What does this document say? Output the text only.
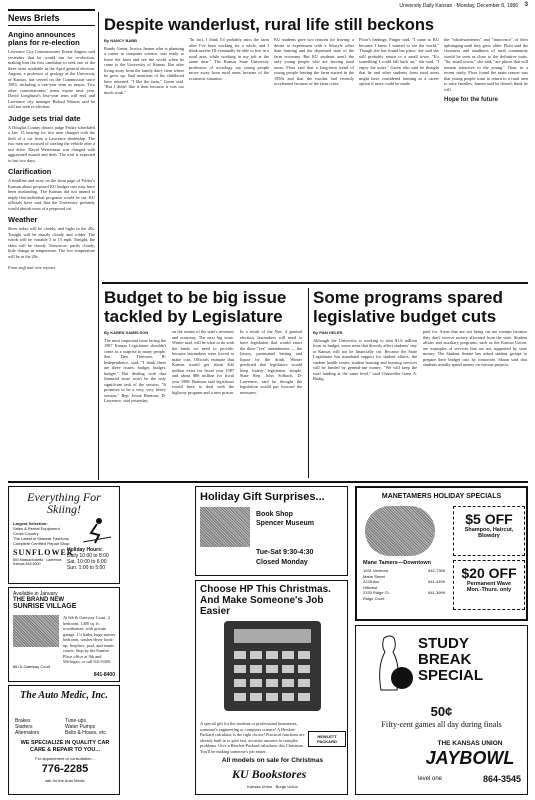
University Daily Kansan · Monday, December 8, 1986 3
News Briefs
Angino announces plans for re-election
Lawrence City Commissioner Ernest Angino said yesterday that he would run for re-election, making him the first candidate to seek one of the three seats available in the April general election. Angino, a professor of geology at the University of Kansas, has served on the Commission since 1983, including a one-year term as mayor. Two other commissioners' terms expire next year. David Longhurst's four-year term will end, and Lawrence city manager Buford Watson said he will not seek re-election.
Judge sets trial date
A Douglas County district judge Friday scheduled a Jan. 13 hearing for two men charged with the theft of a car from a Lawrence dealership. The two men are accused of stealing the vehicle after a test drive. David Westerman was charged with aggravated assault and theft. The trial is expected to last two days.
Clarification
A headline and story on the front page of Friday's Kansan about proposed KU budget cuts may have been misleading. The Kansan did not intend to imply that individual programs would be cut. KU officials have said that the University probably would absorb most of a proposed cut.
Weather
Skies today will be cloudy, and highs in the 40s. Tonight will be mostly cloudy and colder. The winds will be variable 5 to 15 mph. Tonight, the skies will be cloudy. Tomorrow: partly cloudy, little change in temperature. The low temperature will be in the 20s.
From staff and wire reports
Despite wanderlust, rural life still beckons
By NANCY BABB
Randy Green, Jessica Jansen who is planning a career in computer science, was ready to leave the farm and see the world when he came to the University of Kansas. But after living away from the family dairy farm where he grew up, Saal mentions of his childhood have returned. "I like the farm," Green said. "But I didn't like it then because it was too much work."
"In fact, I think I'd probably miss the farm after I've been working for a while, and I think maybe I'll eventually be able to live in a rural area, while working in my job at the same time." The Kansas State University professors of sociology say young people move away from rural areas because of the economic situation.
KU students gave two reasons for leaving: a desire to experiment with a lifestyle other than farming and the depressed state of the farm economy. But KU students aren't the only young people who are leaving rural areas. Flora said that a long-term trend of young people leaving the farm started in the 1950s and that the exodus had recently accelerated because of the farm crisis.
Flora's findings: Finger said, "I came to KU because I knew I wanted to see the world." Though she has found her place, she said she will probably return to a small town. "It's something I could fall back on," she said. "I enjoy the quiet." Green also said he thought that he and other students from rural areas might have considered farming as a career option if more could be made.
the "wholesomeness" and "innocence" of their upbringing until they grew older. Flora said the closeness and smallness of rural community would be seen as close to the definitive traits. "So, small towns," she said, "are places that will remain attractive to the young." Then, in a recent study, Flora found the main reason was that young people want to return to a rural area to raise families. Jansen said he doesn't think he will.
Hope for the future
Budget to be big issue tackled by Legislature
By KAREN SAMELSON
The most important issue facing the 1987 Kansas Legislature shouldn't come as a surprise to many people. Sen. Dan Thiessen, R-Independence, said, "I think there are three issues: budget, budget, budget." But dealing with that financial issue won't be the only significant task of the session. "It promises to be a very, very heavy session," Rep. Jessie Branson, D-Lawrence, said yesterday.
on the strains of the state's revenues and economy. The next big issue, Winter said, will be what to do with the funds we need to provide, because lawmakers were forced to make cuts. Officials estimate that Kansas would get about $42 million extra for fiscal year 1987 and about $86 million for fiscal year 1988. Branson said legislators would have to deal with the highway program and a new prison.
In a result of the Nov. 4 general election, lawmakers will need to have legislation that would enact the three "yes" amendments — the lottery, parimutuel betting and liquor by the drink. Winter predicted that legislators would keep lottery legislation simple. State Rep. John Solbach, D-Lawrence, said he thought the legislation would put forward the measures.
Some programs spared legislative budget cuts
By PAM HELER
Although the University is working to trim $1.6 million from its budget, some areas that directly affect students' stay at Kansas will not be financially cut. Because the State Legislature has mandated support for student affairs, the student health center, student housing and housing services will be funded by general-use money. "We will keep the total funding at the same level," said Chancellor Gene A. Budig.
paid for. Areas that are not being cut are exempt because they don't receive money allocated from the state. Student affairs and auxiliary programs, such as the Kansas Union, are examples of services that are not supported by state money. The Student Senate has asked student groups to prepare their budget cuts by tomorrow. Shaun said that students usually spend money on various projects.
Everything For Skiing!
Largest Selection:
Sales & Rental Equipment
Cross Country
The Latest in Skiwear Fashions
Complete Certified Repair Shop
SUNFLOWER
804 Massachusetts · Lawrence, Kansas 843-5000
Holiday Hours:
Daily 10:00 to 8:00
Sat. 10:00 to 6:00
Sun. 1:00 to 5:00
Available in January
THE BRAND NEW
SUNRISE VILLAGE
At 6th & Gateway Court, 2 bedroom, 1400 sq. ft. townhouses, with private garage, 1½ baths, huge master bedroom, washer/dryer hook-up, fireplace, pool, and tennis courts. Stop by the Sunrise Place office at 9th and Michigan, or call 841-8400.
6th & Gateway Court
841-8400
The Auto Medic, Inc.
Brakes
Starters
Alternators
Tune-ups
Water Pumps
Belts & Hoses, etc.
WE SPECIALIZE IN QUALITY CAR CARE & REPAIR TO YOU...
For appointment or consultation...
776-2285
ask for the Auto Medic
Holiday Gift Surprises...
Book Shop
Spencer Museum
Tue-Sat 9:30-4:30
Closed Monday
Choose HP This Christmas. And Make Someone's Job Easier
A special gift for the students or professional businesses, someone's engineering or computer science! A Hewlett-Packard calculator is the right choice! Practical functions are already built in to give fast, accurate answers to complex problems. Give a Hewlett-Packard calculator this Christmas. You'll be making someone's job easier.
HEWLETT PACKARD
All models on sale for Christmas
KU Bookstores
Kansas Union · Burge Union
MANETAMERS HOLIDAY SPECIALS
Mane Tamers—Downtown
1031 Vermont	842-7355
Mane Street
2228 Ala.	841-4499
Hillcrest
2333 Ridge Ct.	841-3999
Ridge Court
$5 OFF
Shampoo, Haircut,
Blowdry
$20 OFF
Permanent Wave
Mon.-Thurs. only
STUDY BREAK SPECIAL
50¢
Fifty-cent games all day during finals
THE KANSAS UNION
JAYBOWL
level one	864-3545
